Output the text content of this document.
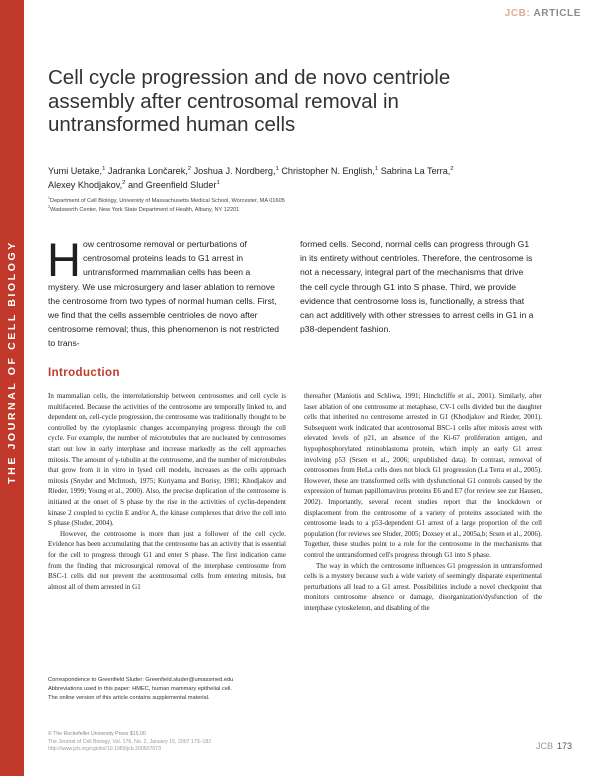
THE JOURNAL OF CELL BIOLOGY
JCB: ARTICLE
Cell cycle progression and de novo centriole assembly after centrosomal removal in untransformed human cells
Yumi Uetake,$^1$ Jadranka Lončarek,$^2$ Joshua J. Nordberg,$^1$ Christopher N. English,$^1$ Sabrina La Terra,$^2$
Alexey Khodjakov,$^2$ and Greenfield Sluder$^1$
$^1$Department of Cell Biology, University of Massachusetts Medical School, Worcester, MA 01605
$^2$Wadsworth Center, New York State Department of Health, Albany, NY 12201

How centrosome removal or perturbations of centrosomal proteins leads to G1 arrest in untransformed mammalian cells has been a mystery. We use microsurgery and laser ablation to remove the centrosome from two types of normal human cells. First, we find that the cells assemble centrioles de novo after centrosome removal; thus, this phenomenon is not restricted to trans-

formed cells. Second, normal cells can progress through G1 in its entirety without centrioles. Therefore, the centrosome is not a necessary, integral part of the mechanisms that drive the cell cycle through G1 into S phase. Third, we provide evidence that centrosome loss is, functionally, a stress that can act additively with other stresses to arrest cells in G1 in a p38-dependent fashion.

Introduction

In mammalian cells, the interrelationship between centrosomes and cell cycle is multifaceted. Because the activities of the centrosome are temporally linked to, and dependent on, cell-cycle progression, the centrosome was traditionally thought to be controlled by the cytoplasmic changes accompanying progress through the cell cycle. For example, the number of microtubules that are nucleated by centrosomes start out low in early interphase and increase markedly as the cell approaches mitosis. The amount of γ-tubulin at the centrosome, and the number of microtubules that grow from it in vitro in lysed cell models, increases as the cells approach mitosis (Snyder and McIntosh, 1975; Kuriyama and Borisy, 1981; Khodjakov and Rieder, 1999; Young et al., 2000). Also, the precise duplication of the centrosome is initiated at the onset of S phase by the rise in the activities of cyclin-dependent kinase 2 coupled to cyclin E and/or A, the kinase complexes that drive the cell into S phase (Sluder, 2004).

However, the centrosome is more than just a follower of the cell cycle. Evidence has been accumulating that the centrosome has an activity that is essential for the cell to progress through G1 and enter S phase. The first indication came from the finding that microsurgical removal of the interphase centrosome from BSC-1 cells did not prevent the acentrosomal cells from entering mitosis, but almost all of them arrested in G1

thereafter (Maniotis and Schliwa, 1991; Hinchcliffe et al., 2001). Similarly, after laser ablation of one centrosome at metaphase, CV-1 cells divided but the daughter cells that inherited no centrosome arrested in G1 (Khodjakov and Rieder, 2001). Subsequent work indicated that acentrosomal BSC-1 cells after mitosis arrest with elevated levels of p21, an absence of the Ki-67 proliferation antigen, and hypophosphorylated retinoblastoma protein, which imply an early G1 arrest involving p53 (Srsen et al., 2006; unpublished data). In contrast, removal of centrosomes from HeLa cells does not block G1 progression (La Terra et al., 2005). However, these are transformed cells with dysfunctional G1 controls caused by the expression of human papillomavirus proteins E6 and E7 (for review see zur Hausen, 2002). Importantly, several recent studies report that the knockdown or displacement from the centrosome of a variety of proteins associated with the centrosome leads to a p53-dependent G1 arrest of a large proportion of the cell population (for reviews see Sluder, 2005; Doxsey et al., 2005a,b; Srsen et al., 2006). Together, these studies point to a role for the centrosome in the mechanisms that control the untransformed cell's progress through G1 into S phase.

The way in which the centrosome influences G1 progression in untransformed cells is a mystery because such a wide variety of seemingly disparate experimental perturbations all lead to a G1 arrest. Possibilities include a novel checkpoint that monitors centrosome absence or damage, disorganization/dysfunction of the interphase cytoskeleton, and disabling of the

Correspondence to Greenfield Sluder: Greenfield.sluder@umassmed.edu
Abbreviations used in this paper: HMEC, human mammary epithelial cell.
The online version of this article contains supplemental material.
© The Rockefeller University Press $15.00
The Journal of Cell Biology, Vol. 176, No. 2, January 15, 2007 173–182
http://www.jcb.org/cgi/doi/10.1083/jcb.200607073	JCB 173
